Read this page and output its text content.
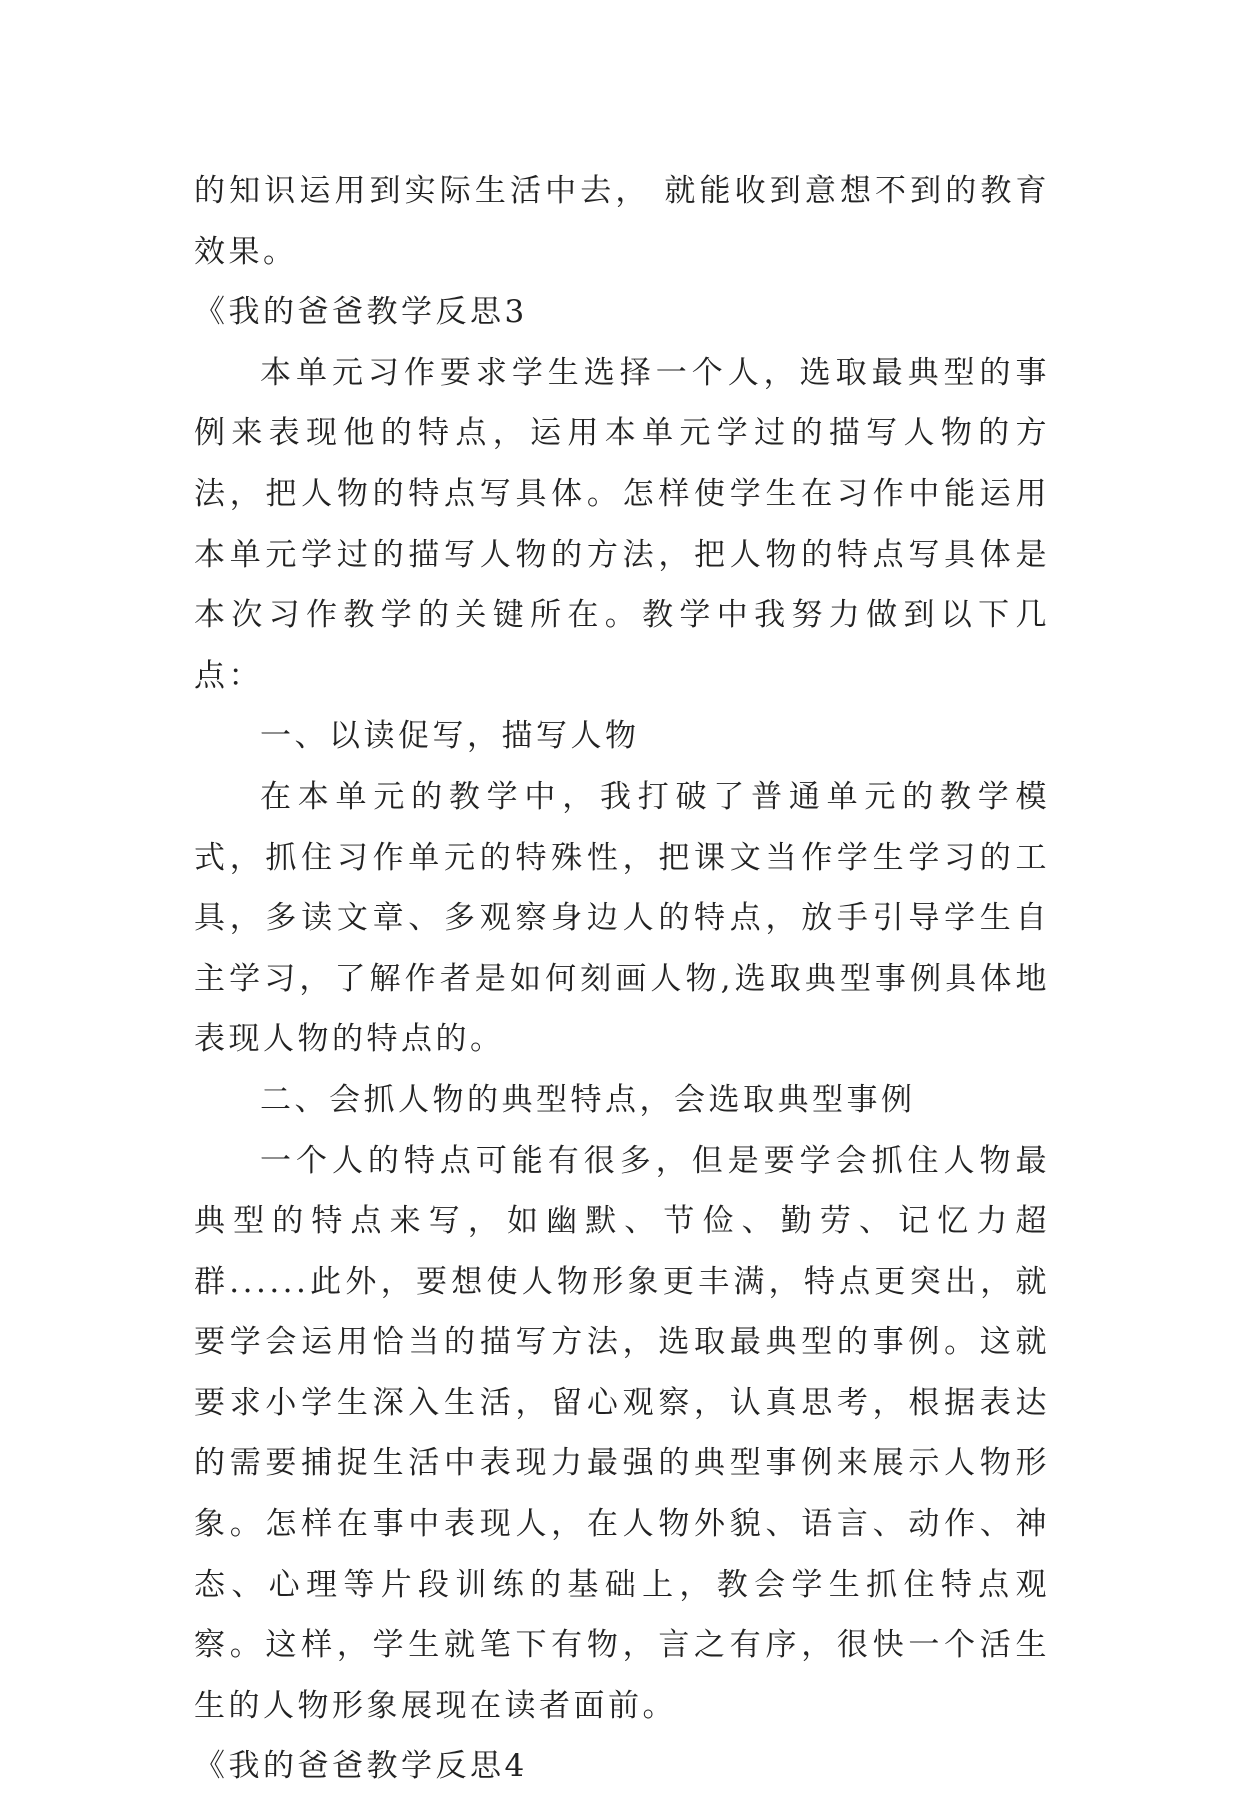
的知识运用到实际生活中去， 就能收到意想不到的教育效果。

《我的爸爸教学反思3

本单元习作要求学生选择一个人，选取最典型的事例来表现他的特点，运用本单元学过的描写人物的方法，把人物的特点写具体。怎样使学生在习作中能运用本单元学过的描写人物的方法，把人物的特点写具体是本次习作教学的关键所在。教学中我努力做到以下几点：

一、以读促写，描写人物

在本单元的教学中，我打破了普通单元的教学模式，抓住习作单元的特殊性，把课文当作学生学习的工具，多读文章、多观察身边人的特点，放手引导学生自主学习，了解作者是如何刻画人物,选取典型事例具体地表现人物的特点的。

二、会抓人物的典型特点，会选取典型事例

一个人的特点可能有很多，但是要学会抓住人物最典型的特点来写，如幽默、节俭、勤劳、记忆力超群......此外，要想使人物形象更丰满，特点更突出，就要学会运用恰当的描写方法，选取最典型的事例。这就要求小学生深入生活，留心观察，认真思考，根据表达的需要捕捉生活中表现力最强的典型事例来展示人物形象。怎样在事中表现人，在人物外貌、语言、动作、神态、心理等片段训练的基础上，教会学生抓住特点观察。这样，学生就笔下有物，言之有序，很快一个活生生的人物形象展现在读者面前。

《我的爸爸教学反思4
